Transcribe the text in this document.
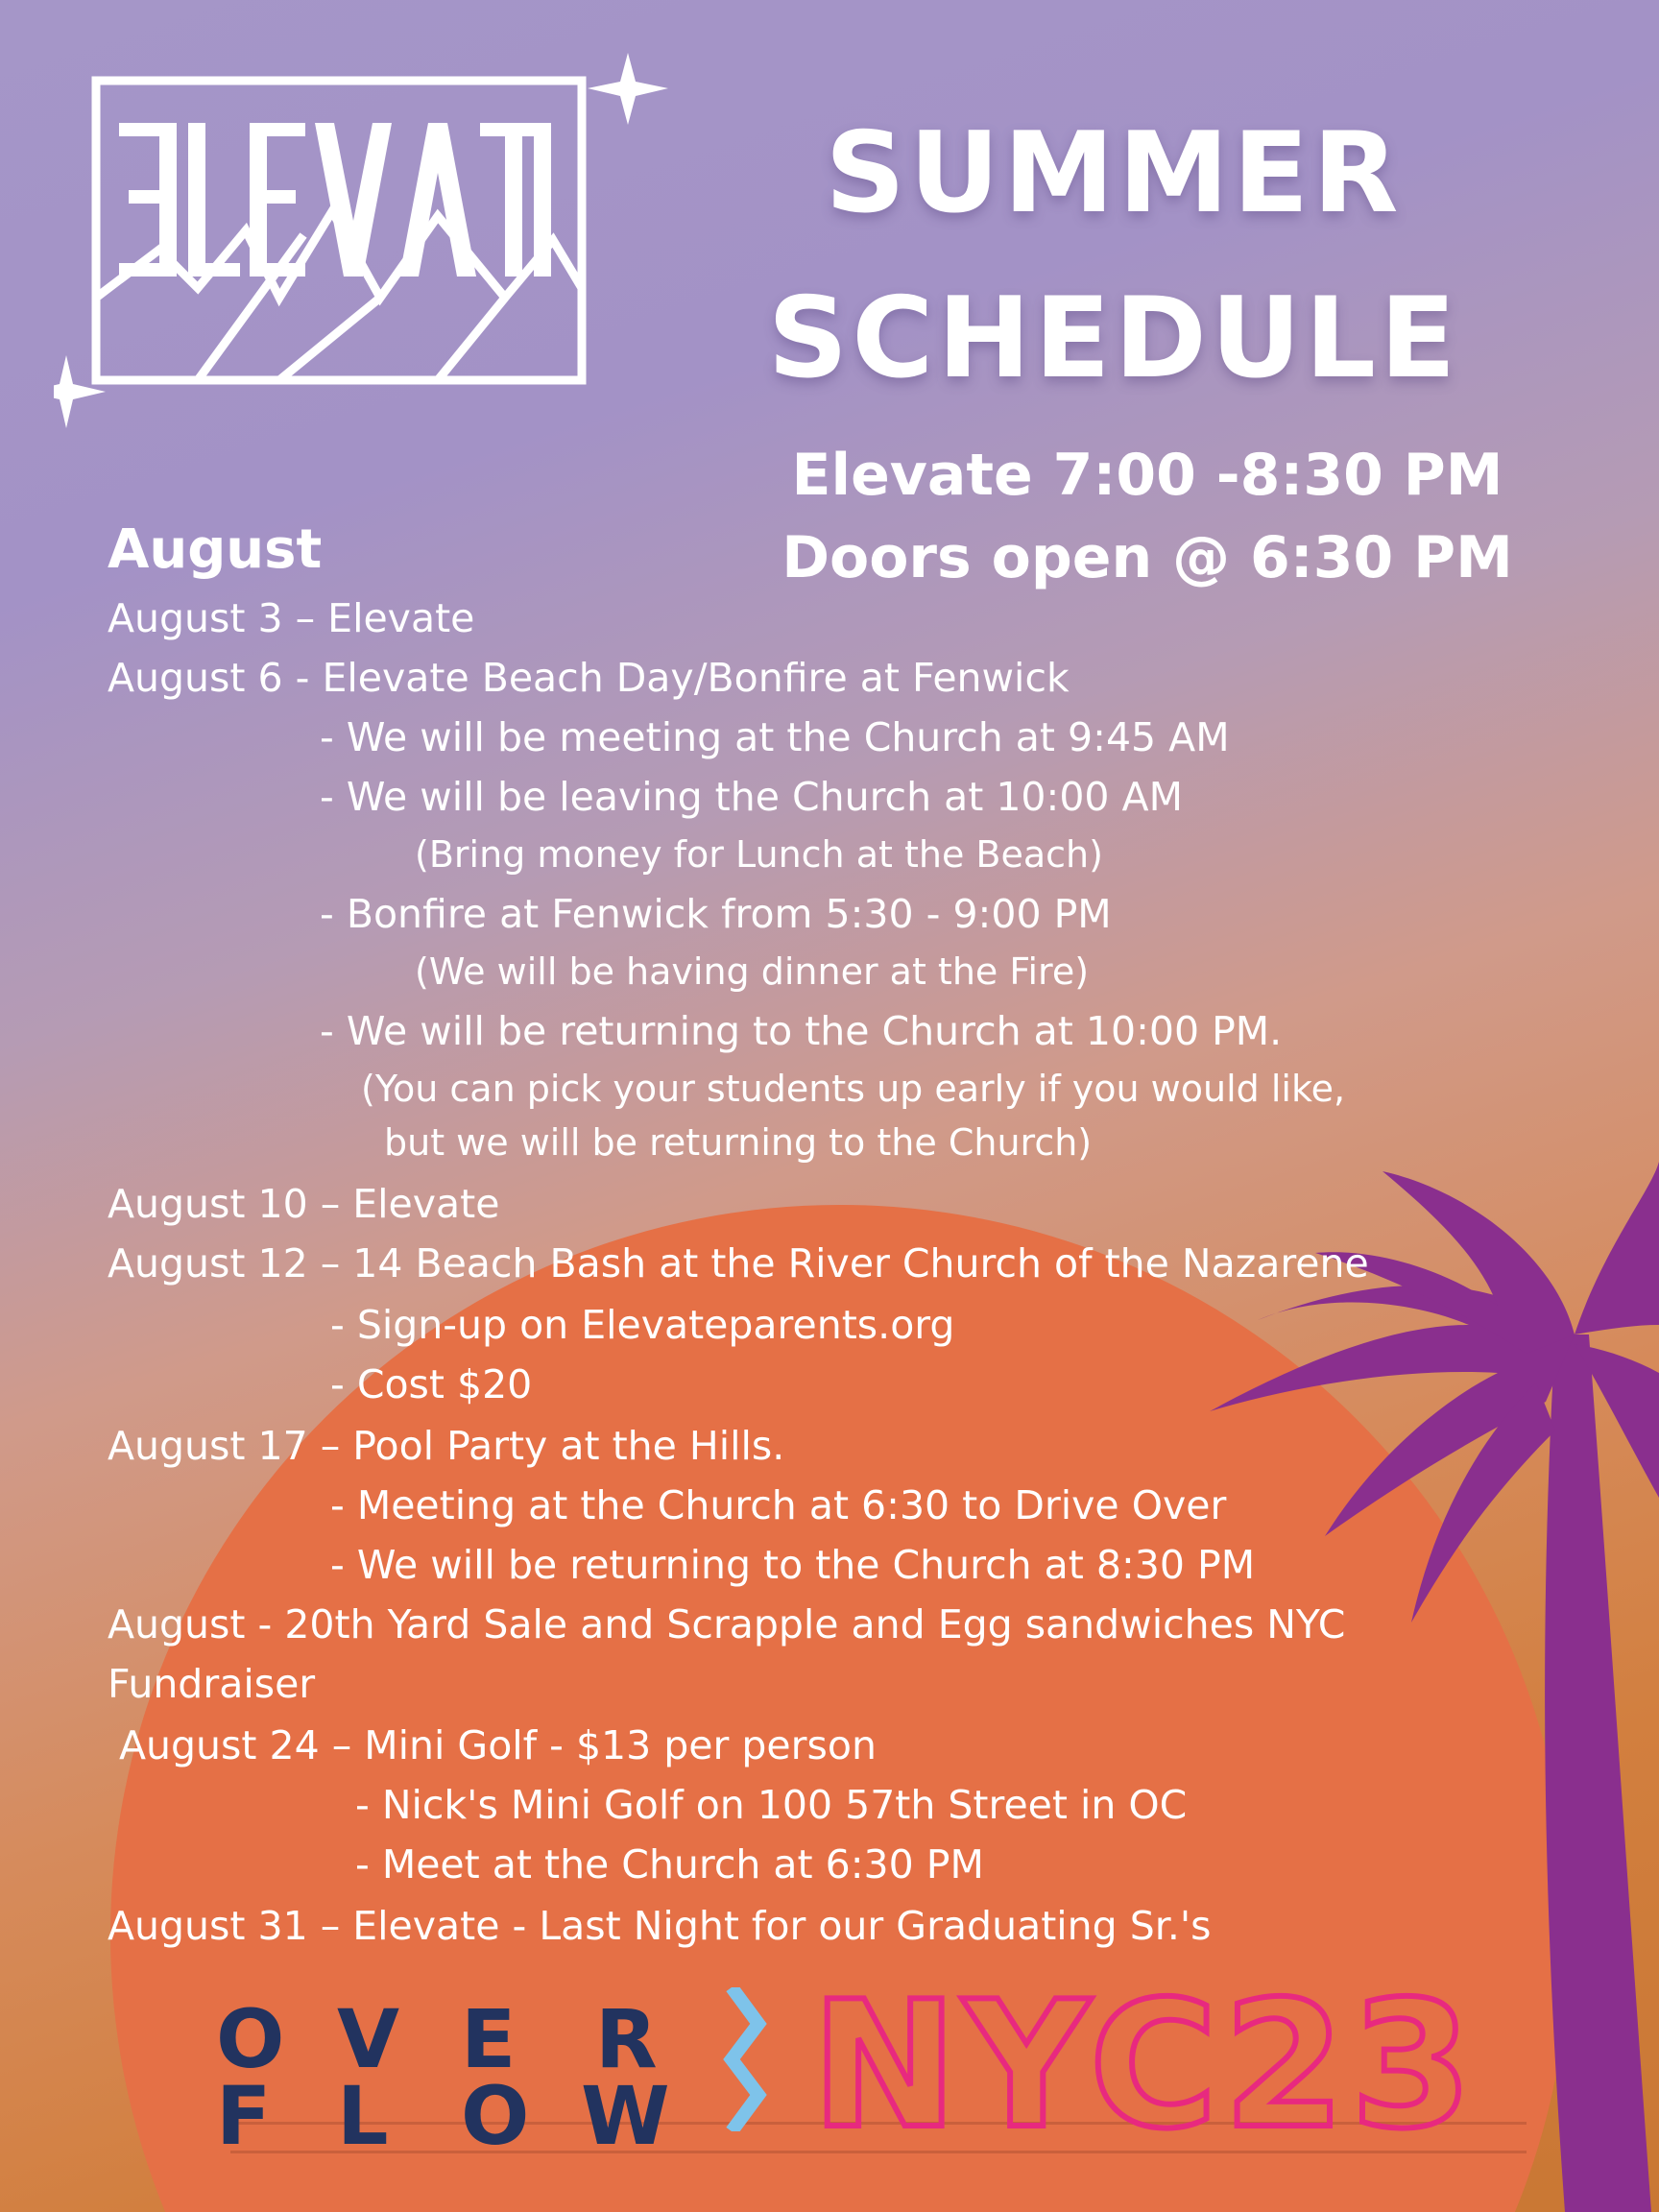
SUMMER
SCHEDULE
Elevate 7:00 -8:30 PM
Doors open @ 6:30 PM
August
August 3 – Elevate
August 6 - Elevate Beach Day/Bonfire at Fenwick
- We will be meeting at the Church at 9:45 AM
- We will be leaving the Church at 10:00 AM
(Bring money for Lunch at the Beach)
- Bonfire at Fenwick from 5:30 - 9:00 PM
(We will be having dinner at the Fire)
- We will be returning to the Church at 10:00 PM.
(You can pick your students up early if you would like,
but we will be returning to the Church)
August 10 – Elevate
August 12 – 14 Beach Bash at the River Church of the Nazarene
- Sign-up on Elevateparents.org
- Cost $20
August 17 – Pool Party at the Hills.
- Meeting at the Church at 6:30 to Drive Over
- We will be returning to the Church at 8:30 PM
August - 20th Yard Sale and Scrapple and Egg sandwiches NYC
Fundraiser
August 24 – Mini Golf - $13 per person
- Nick's Mini Golf on 100 57th Street in OC
- Meet at the Church at 6:30 PM
August 31 – Elevate - Last Night for our Graduating Sr.'s
O V E R
F L O W NYC23
